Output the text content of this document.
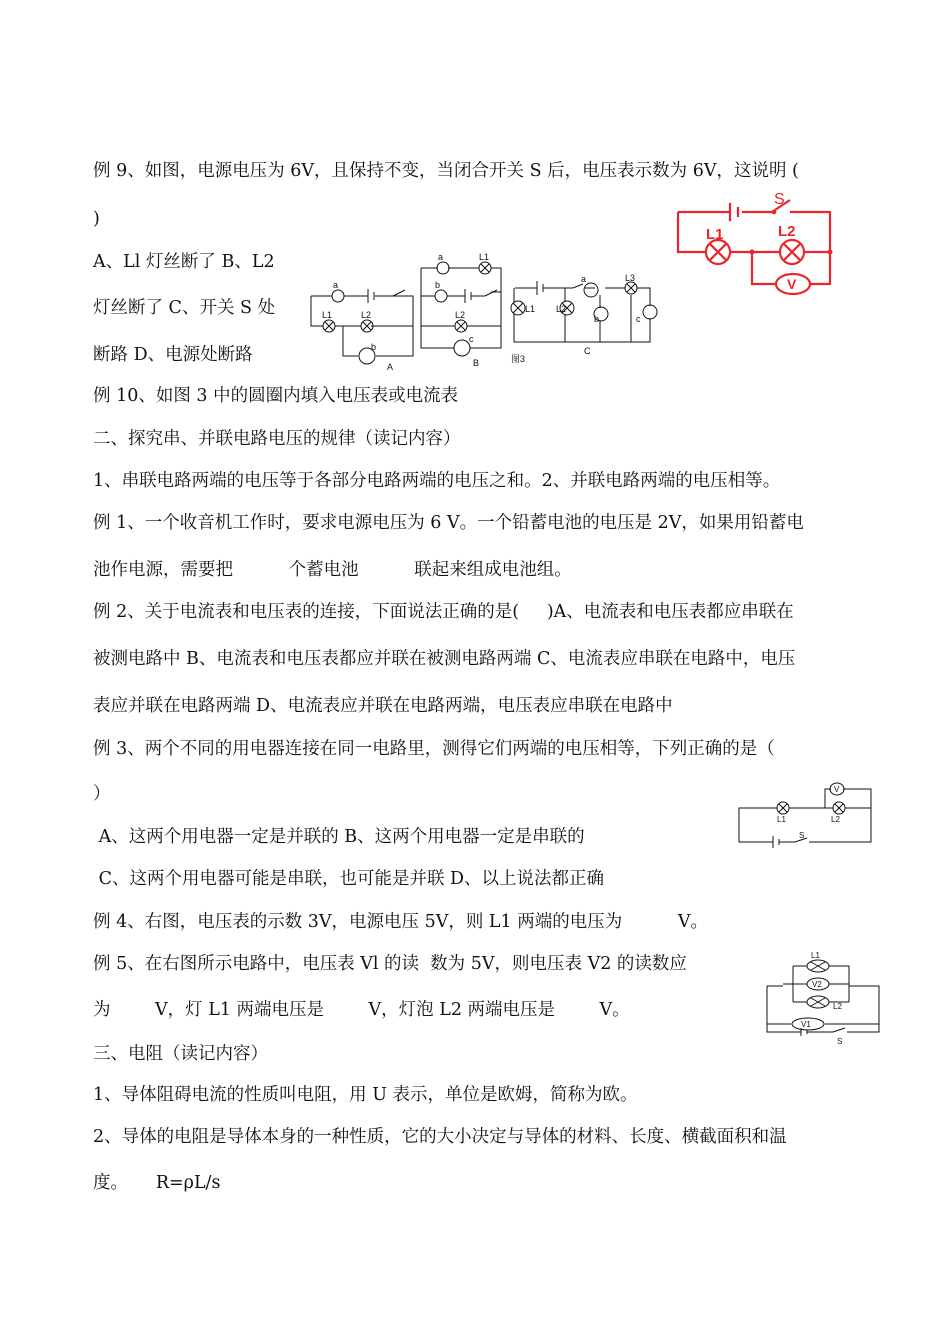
例 9、如图，电源电压为 6V，且保持不变，当闭合开关 S 后，电压表示数为 6V，这说明 (
)
A、Ll 灯丝断了 B、L2
灯丝断了 C、开关 S 处
断路 D、电源处断路
例 10、如图 3 中的圆圈内填入电压表或电流表
二、探究串、并联电路电压的规律（读记内容）
1、串联电路两端的电压等于各部分电路两端的电压之和。2、并联电路两端的电压相等。
例 1、一个收音机工作时，要求电源电压为 6 V。一个铅蓄电池的电压是 2V，如果用铅蓄电
池作电源，需要把          个蓄电池          联起来组成电池组。
例 2、关于电流表和电压表的连接，下面说法正确的是(     )A、电流表和电压表都应串联在
被测电路中 B、电流表和电压表都应并联在被测电路两端 C、电流表应串联在电路中，电压
表应并联在电路两端 D、电流表应并联在电路两端，电压表应串联在电路中
例 3、两个不同的用电器连接在同一电路里，测得它们两端的电压相等，下列正确的是（
）
A、这两个用电器一定是并联的 B、这两个用电器一定是串联的
C、这两个用电器可能是串联，也可能是并联 D、以上说法都正确
例 4、右图，电压表的示数 3V，电源电压 5V，则 L1 两端的电压为          V。
例 5、在右图所示电路中，电压表 Vl 的读  数为 5V，则电压表 V2 的读数应
为        V，灯 L1 两端电压是        V，灯泡 L2 两端电压是        V。
三、电阻（读记内容）
1、导体阻碍电流的性质叫电阻，用 U 表示，单位是欧姆，简称为欧。
2、导体的电阻是导体本身的一种性质，它的大小决定与导体的材料、长度、横截面积和温
度。     R=ρL/s
S
L1	L2
V
a
L1	L2
b
A
a	L1
b
L2
c
B	图3
a	L3
L1 L2
b	c
C
V
L1	L2
S
L1
V2
L2
V1
S
